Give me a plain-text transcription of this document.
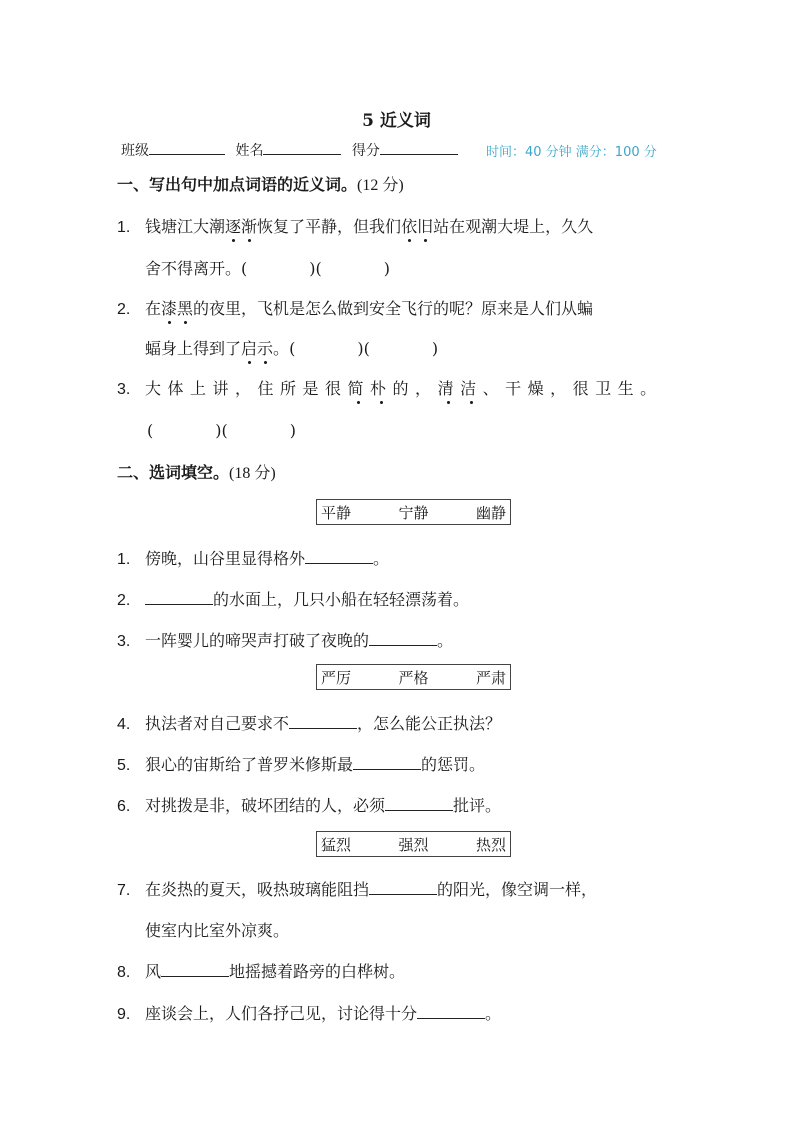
5 近义词
班级	姓名	得分	时间：40 分钟 满分：100 分
一、写出句中加点词语的近义词。(12 分)
1. 钱塘江大潮逐渐恢复了平静，但我们依旧站在观潮大堤上，久久
舍不得离开。(	)(	)
2. 在漆黑的夜里，飞机是怎么做到安全飞行的呢？原来是人们从蝙
蝠身上得到了启示。(	)(	)
3. 大体上讲，住所是很简朴的，清洁、干燥，很卫生。
(	)(	)
二、选词填空。(18 分)
平静	宁静	幽静
1. 傍晚，山谷里显得格外	。
2.	的水面上，几只小船在轻轻漂荡着。
3. 一阵婴儿的啼哭声打破了夜晚的	。
严厉	严格	严肃
4. 执法者对自己要求不	，怎么能公正执法？
5. 狠心的宙斯给了普罗米修斯最	的惩罚。
6. 对挑拨是非，破坏团结的人，必须	批评。
猛烈	强烈	热烈
7. 在炎热的夏天，吸热玻璃能阻挡	的阳光，像空调一样，
使室内比室外凉爽。
8. 风	地摇撼着路旁的白桦树。
9. 座谈会上，人们各抒己见，讨论得十分	。
